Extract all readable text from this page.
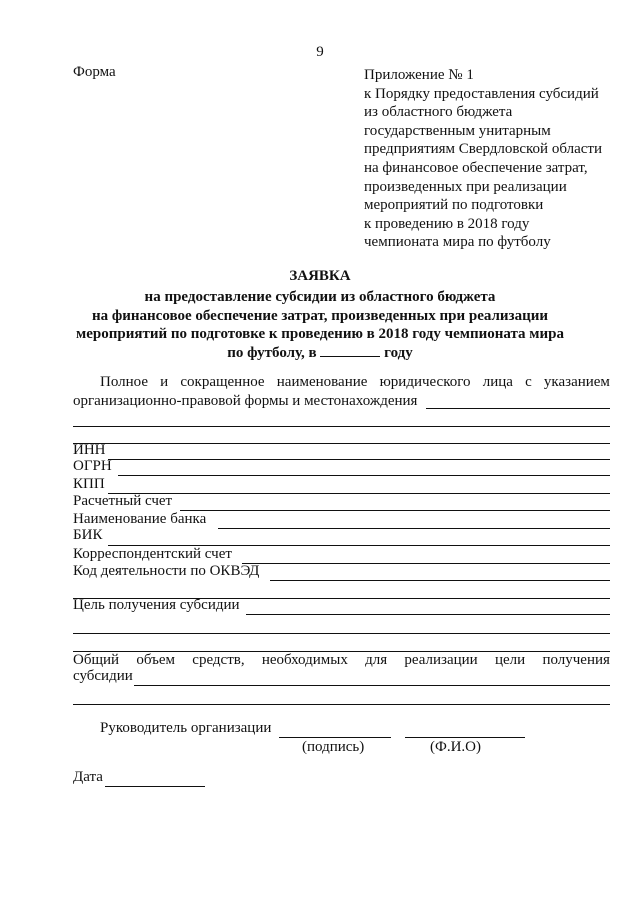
9
Форма	Приложение № 1
к Порядку предоставления субсидий
из областного бюджета
государственным унитарным
предприятиям Свердловской области
на финансовое обеспечение затрат,
произведенных при реализации
мероприятий по подготовки
к проведению в 2018 году
чемпионата мира по футболу
ЗАЯВКА
на предоставление субсидии из областного бюджета
на финансовое обеспечение затрат, произведенных при реализации
мероприятий по подготовке к проведению в 2018 году чемпионата мира
по футболу, в	году
Полное и сокращенное наименование юридического лица с указанием
организационно-правовой формы и местонахождения
ИНН
ОГРН
КПП
Расчетный счет
Наименование банка
БИК
Корреспондентский счет
Код деятельности по ОКВЭД
Цель получения субсидии
Общий объем средств, необходимых для реализации цели получения
субсидии
Руководитель организации
(подпись)	(Ф.И.О)
Дата
